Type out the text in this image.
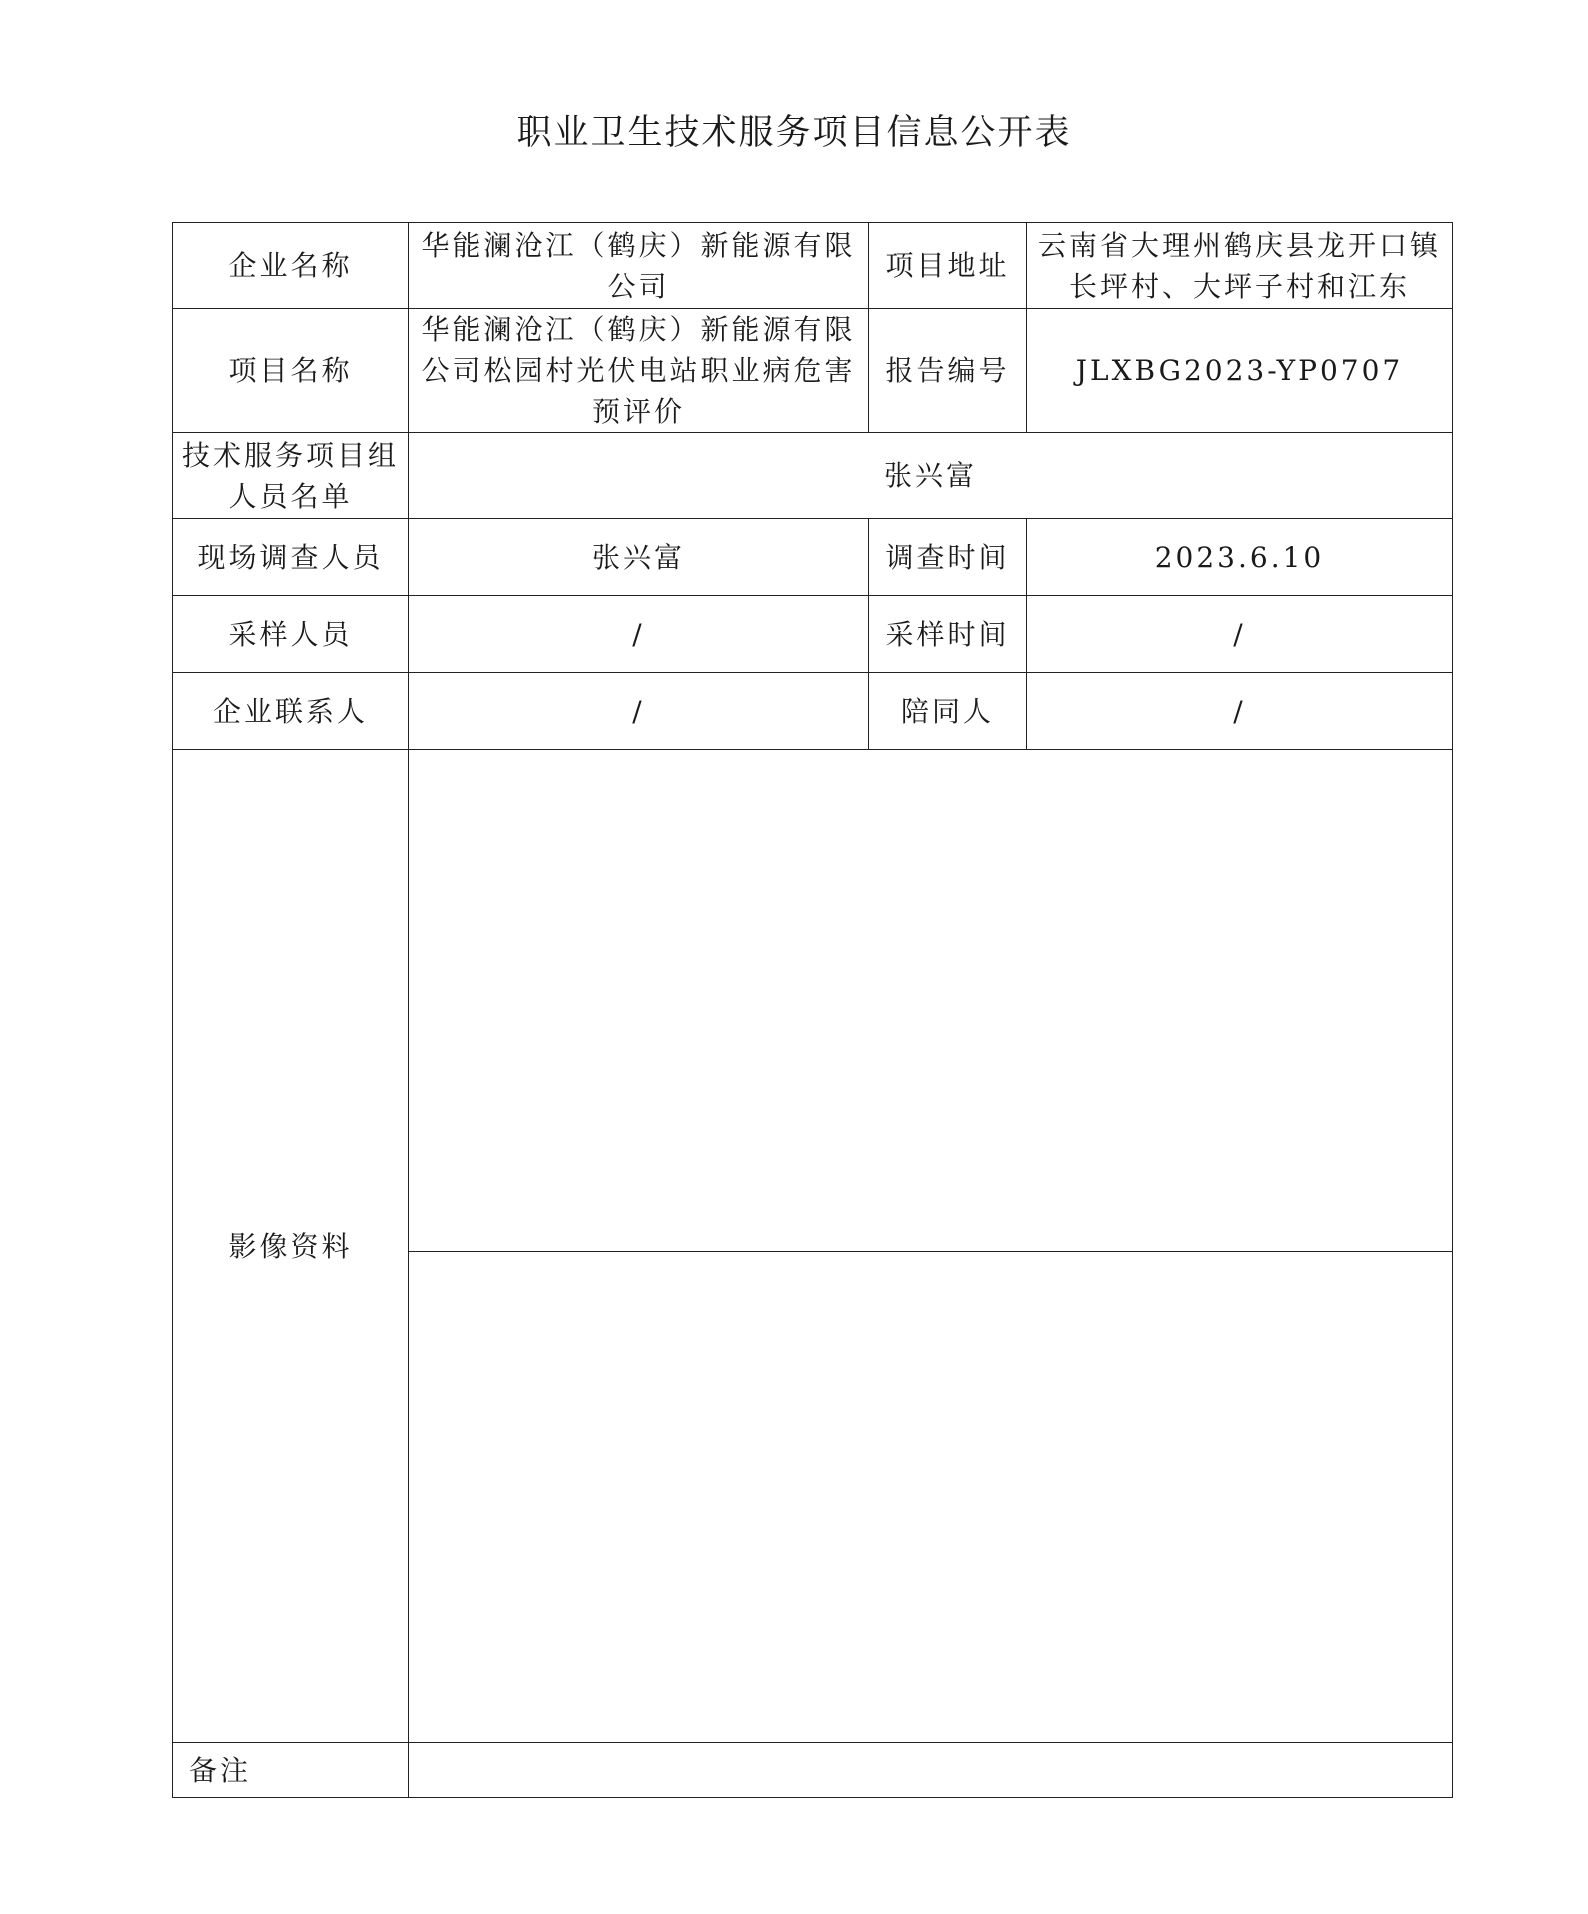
职业卫生技术服务项目信息公开表
企业名称	华能澜沧江（鹤庆）新能源有限公司	项目地址	云南省大理州鹤庆县龙开口镇长坪村、大坪子村和江东
项目名称	华能澜沧江（鹤庆）新能源有限公司松园村光伏电站职业病危害预评价	报告编号	JLXBG2023-YP0707
技术服务项目组人员名单	张兴富		
现场调查人员	张兴富	调查时间	2023.6.10
采样人员	/	采样时间	/
企业联系人	/	陪同人	/
影像资料			

备注			
